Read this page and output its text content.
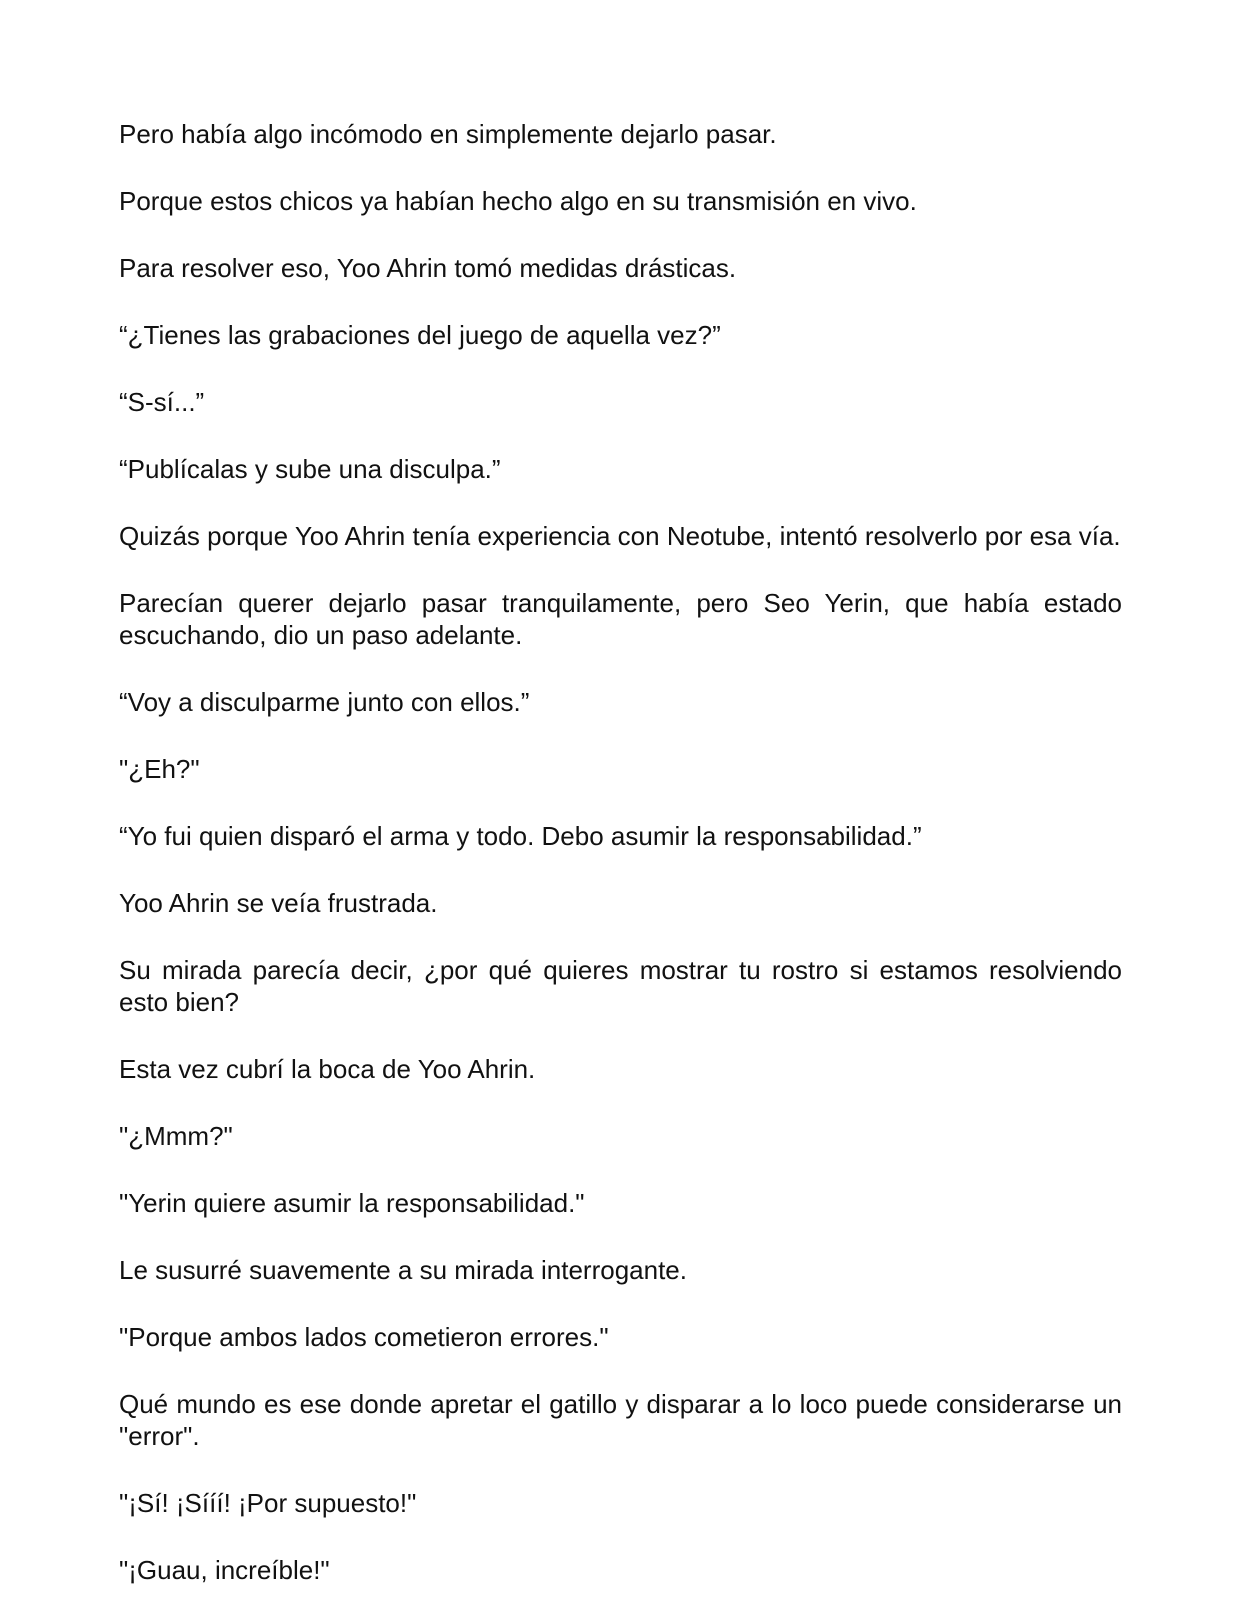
Pero había algo incómodo en simplemente dejarlo pasar.

Porque estos chicos ya habían hecho algo en su transmisión en vivo.

Para resolver eso, Yoo Ahrin tomó medidas drásticas.

“¿Tienes las grabaciones del juego de aquella vez?”

“S-sí...”

“Publícalas y sube una disculpa.”

Quizás porque Yoo Ahrin tenía experiencia con Neotube, intentó resolverlo por esa vía.

Parecían querer dejarlo pasar tranquilamente, pero Seo Yerin, que había estado escuchando, dio un paso adelante.

“Voy a disculparme junto con ellos.”

"¿Eh?"

“Yo fui quien disparó el arma y todo. Debo asumir la responsabilidad.”

Yoo Ahrin se veía frustrada.

Su mirada parecía decir, ¿por qué quieres mostrar tu rostro si estamos resolviendo esto bien?

Esta vez cubrí la boca de Yoo Ahrin.

"¿Mmm?"

"Yerin quiere asumir la responsabilidad."

Le susurré suavemente a su mirada interrogante.

"Porque ambos lados cometieron errores."

Qué mundo es ese donde apretar el gatillo y disparar a lo loco puede considerarse un "error".

"¡Sí! ¡Sííí! ¡Por supuesto!"

"¡Guau, increíble!"
